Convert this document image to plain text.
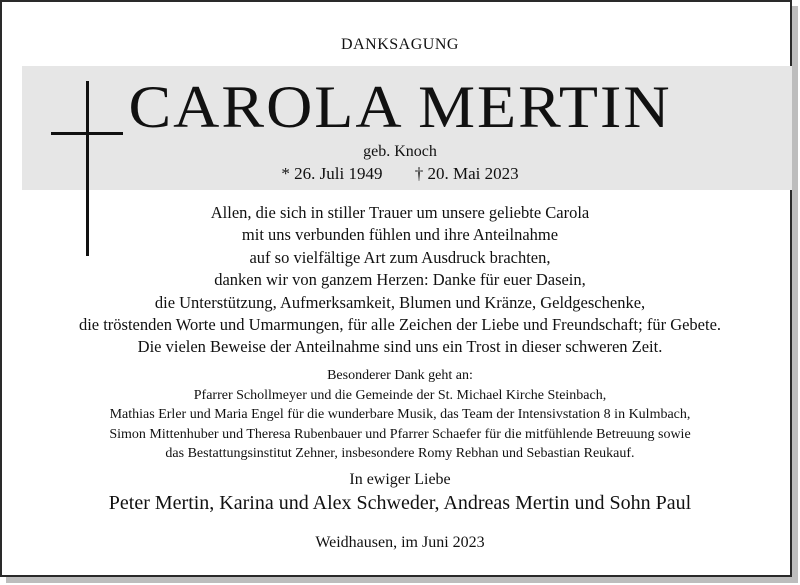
DANKSAGUNG
CAROLA MERTIN
geb. Knoch
* 26. Juli 1949 † 20. Mai 2023
Allen, die sich in stiller Trauer um unsere geliebte Carola
mit uns verbunden fühlen und ihre Anteilnahme
auf so vielfältige Art zum Ausdruck brachten,
danken wir von ganzem Herzen: Danke für euer Dasein,
die Unterstützung, Aufmerksamkeit, Blumen und Kränze, Geldgeschenke,
die tröstenden Worte und Umarmungen, für alle Zeichen der Liebe und Freundschaft; für Gebete.
Die vielen Beweise der Anteilnahme sind uns ein Trost in dieser schweren Zeit.
Besonderer Dank geht an:
Pfarrer Schollmeyer und die Gemeinde der St. Michael Kirche Steinbach,
Mathias Erler und Maria Engel für die wunderbare Musik, das Team der Intensivstation 8 in Kulmbach,
Simon Mittenhuber und Theresa Rubenbauer und Pfarrer Schaefer für die mitfühlende Betreuung sowie
das Bestattungsinstitut Zehner, insbesondere Romy Rebhan und Sebastian Reukauf.
In ewiger Liebe
Peter Mertin, Karina und Alex Schweder, Andreas Mertin und Sohn Paul
Weidhausen, im Juni 2023
